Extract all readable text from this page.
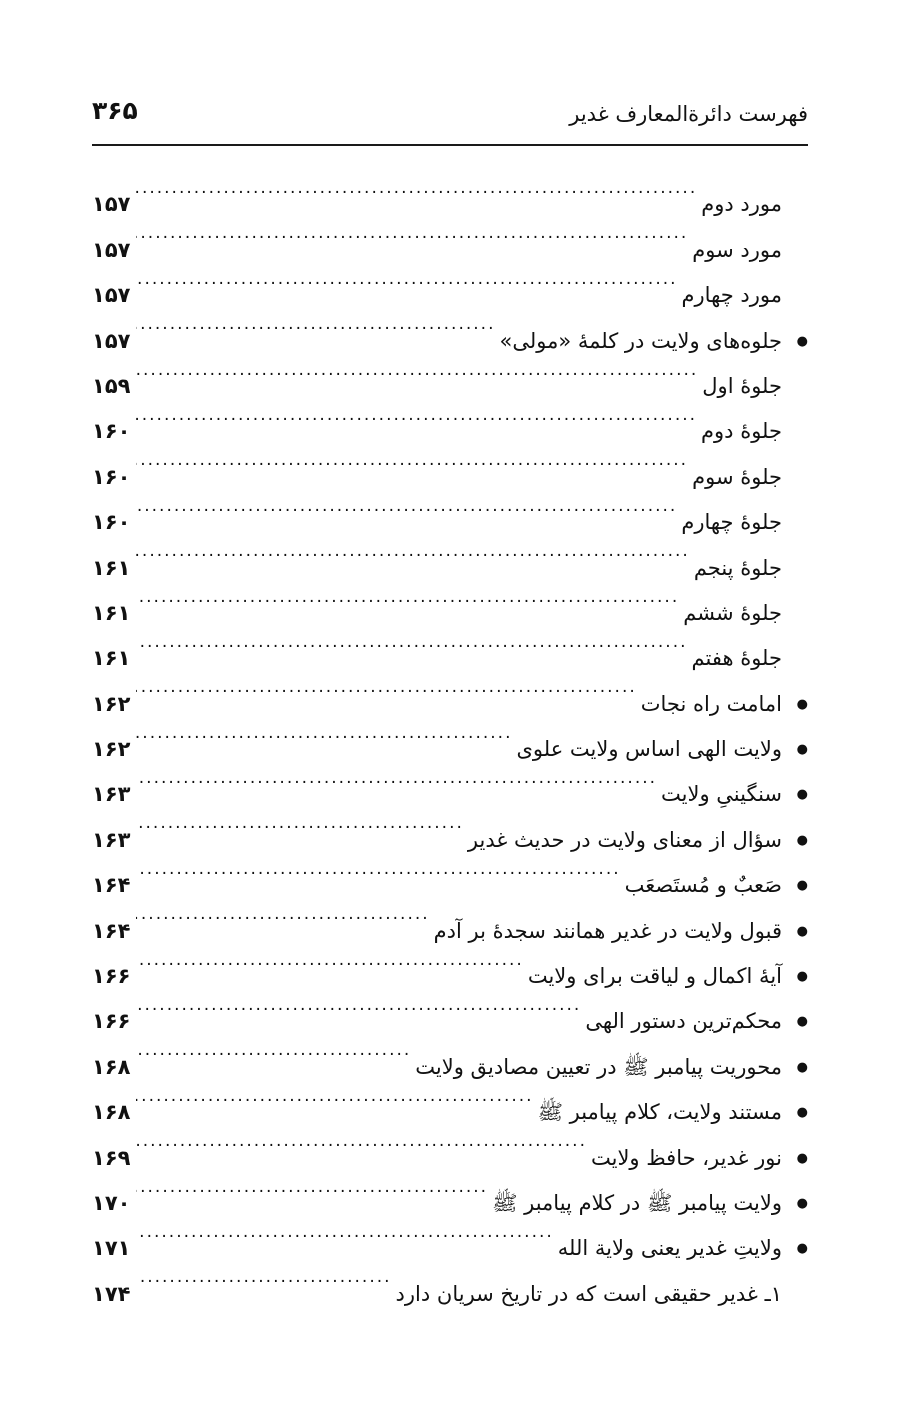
فهرست دائرةالمعارف غدیر
۳۶۵
مورد دوم
.....
۱۵۷
مورد سوم
.....
۱۵۷
مورد چهارم
.....
۱۵۷
●
جلوه‌های ولایت در کلمهٔ «مولی»
.....
۱۵۷
جلوهٔ اول
.....
۱۵۹
جلوهٔ دوم
.....
۱۶۰
جلوهٔ سوم
.....
۱۶۰
جلوهٔ چهارم
.....
۱۶۰
جلوهٔ پنجم
.....
۱۶۱
جلوهٔ ششم
.....
۱۶۱
جلوهٔ هفتم
.....
۱۶۱
●
امامت راه نجات
.....
۱۶۲
●
ولایت الهی اساس ولایت علوی
.....
۱۶۲
●
سنگینیِ ولایت
.....
۱۶۳
●
سؤال از معنای ولایت در حدیث غدیر
.....
۱۶۳
●
صَعبٌ و مُستَصعَب
.....
۱۶۴
●
قبول ولایت در غدیر همانند سجدهٔ بر آدم
.....
۱۶۴
●
آیهٔ اکمال و لیاقت برای ولایت
.....
۱۶۶
●
محکم‌ترین دستور الهی
.....
۱۶۶
●
محوریت پیامبر ﷺ در تعیین مصادیق ولایت
.....
۱۶۸
●
مستند ولایت، کلام پیامبر ﷺ
.....
۱۶۸
●
نور غدیر، حافظ ولایت
.....
۱۶۹
●
ولایت پیامبر ﷺ در کلام پیامبر ﷺ
.....
۱۷۰
●
ولایتِ غدیر یعنی ولایة الله
.....
۱۷۱
۱ـ غدیر حقیقی است که در تاریخ سریان دارد
.....
۱۷۴
